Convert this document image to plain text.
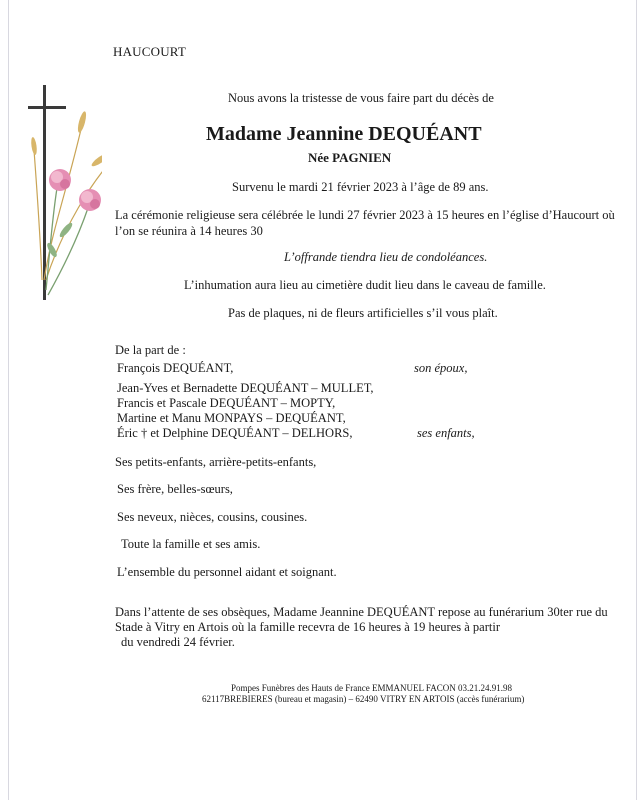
HAUCOURT
Nous avons la tristesse de vous faire part du décès de
Madame Jeannine DEQUÉANT
Née PAGNIEN
Survenu le mardi 21 février 2023 à l’âge de 89 ans.
La cérémonie religieuse sera célébrée le lundi 27 février 2023 à 15 heures en l’église d’Haucourt où
l’on se réunira à 14 heures 30
L’offrande tiendra lieu de condoléances.
L’inhumation aura lieu au cimetière dudit lieu dans le caveau de famille.
Pas de plaques, ni de fleurs artificielles s’il vous plaît.
De la part de :
François DEQUÉANT,
Jean-Yves et Bernadette DEQUÉANT – MULLET,
Francis et Pascale DEQUÉANT – MOPTY,
Martine et Manu MONPAYS – DEQUÉANT,
Éric † et Delphine DEQUÉANT – DELHORS,
son époux,
ses enfants,
Ses petits-enfants, arrière-petits-enfants,
Ses frère, belles-sœurs,
Ses neveux, nièces, cousins, cousines.
Toute la famille et ses amis.
L’ensemble du personnel aidant et soignant.
Dans l’attente de ses obsèques, Madame Jeannine DEQUÉANT repose au funérarium 30ter rue du
Stade à Vitry en Artois où la famille recevra de 16 heures à 19 heures à partir
du vendredi 24 février.
Pompes Funèbres des Hauts de France EMMANUEL FACON 03.21.24.91.98
62117BREBIERES (bureau et magasin) – 62490 VITRY EN ARTOIS (accès funérarium)
